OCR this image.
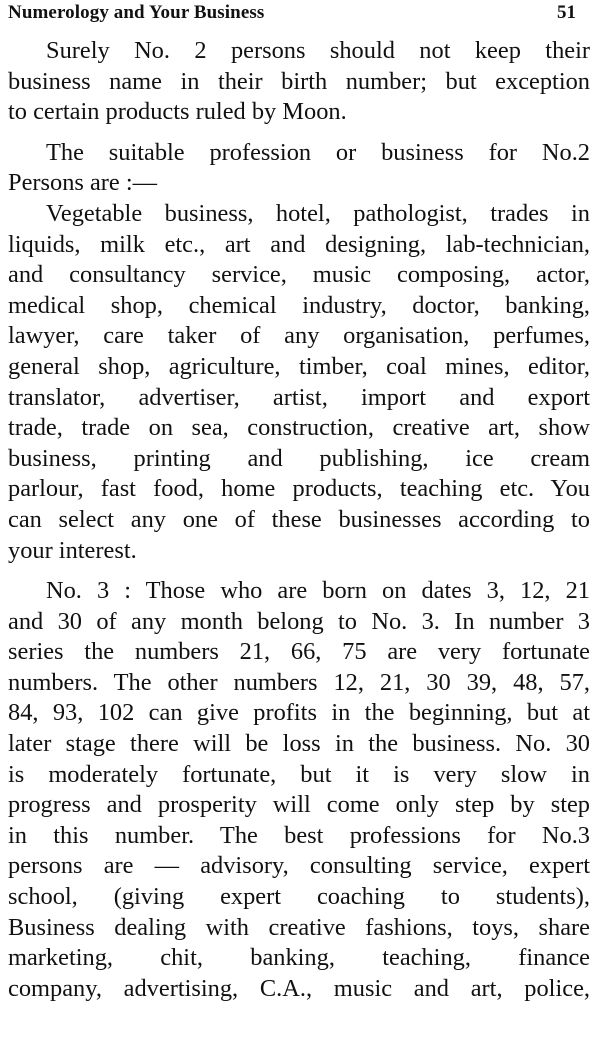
Numerology and Your Business	51
Surely No. 2 persons should not keep their
business name in their birth number; but exception
to certain products ruled by Moon.
The suitable profession or business for No.2
Persons are :—
Vegetable business, hotel, pathologist, trades in
liquids, milk etc., art and designing, lab-technician,
and consultancy service, music composing, actor,
medical shop, chemical industry, doctor, banking,
lawyer, care taker of any organisation, perfumes,
general shop, agriculture, timber, coal mines, editor,
translator, advertiser, artist, import and export
trade, trade on sea, construction, creative art, show
business, printing and publishing, ice cream
parlour, fast food, home products, teaching etc. You
can select any one of these businesses according to
your interest.
No. 3 : Those who are born on dates 3, 12, 21
and 30 of any month belong to No. 3. In number 3
series the numbers 21, 66, 75 are very fortunate
numbers. The other numbers 12, 21, 30 39, 48, 57,
84, 93, 102 can give profits in the beginning, but at
later stage there will be loss in the business. No. 30
is moderately fortunate, but it is very slow in
progress and prosperity will come only step by step
in this number. The best professions for No.3
persons are — advisory, consulting service, expert
school, (giving expert coaching to students),
Business dealing with creative fashions, toys, share
marketing, chit, banking, teaching, finance
company, advertising, C.A., music and art, police,
